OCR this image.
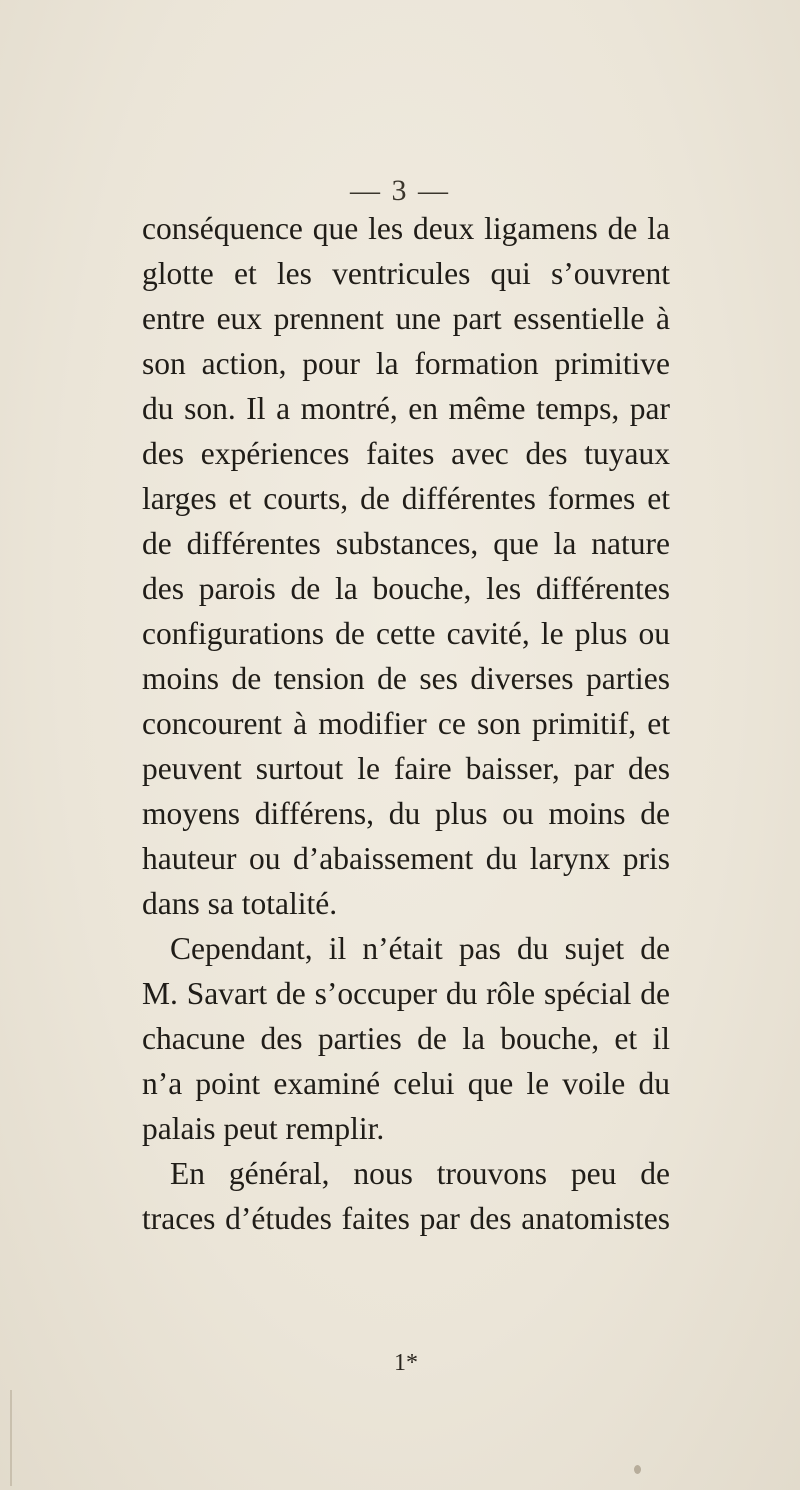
— 3 —
conséquence que les deux ligamens de la
glotte et les ventricules qui s’ouvrent
entre eux prennent une part essentielle à
son action, pour la formation primitive
du son. Il a montré, en même temps, par
des expériences faites avec des tuyaux
larges et courts, de différentes formes et
de différentes substances, que la nature
des parois de la bouche, les différentes
configurations de cette cavité, le plus ou
moins de tension de ses diverses parties
concourent à modifier ce son primitif, et
peuvent surtout le faire baisser, par des
moyens différens, du plus ou moins de
hauteur ou d’abaissement du larynx pris
dans sa totalité.
Cependant, il n’était pas du sujet de
M. Savart de s’occuper du rôle spécial de
chacune des parties de la bouche, et il
n’a point examiné celui que le voile du
palais peut remplir.
En général, nous trouvons peu de
traces d’études faites par des anatomistes
1*
